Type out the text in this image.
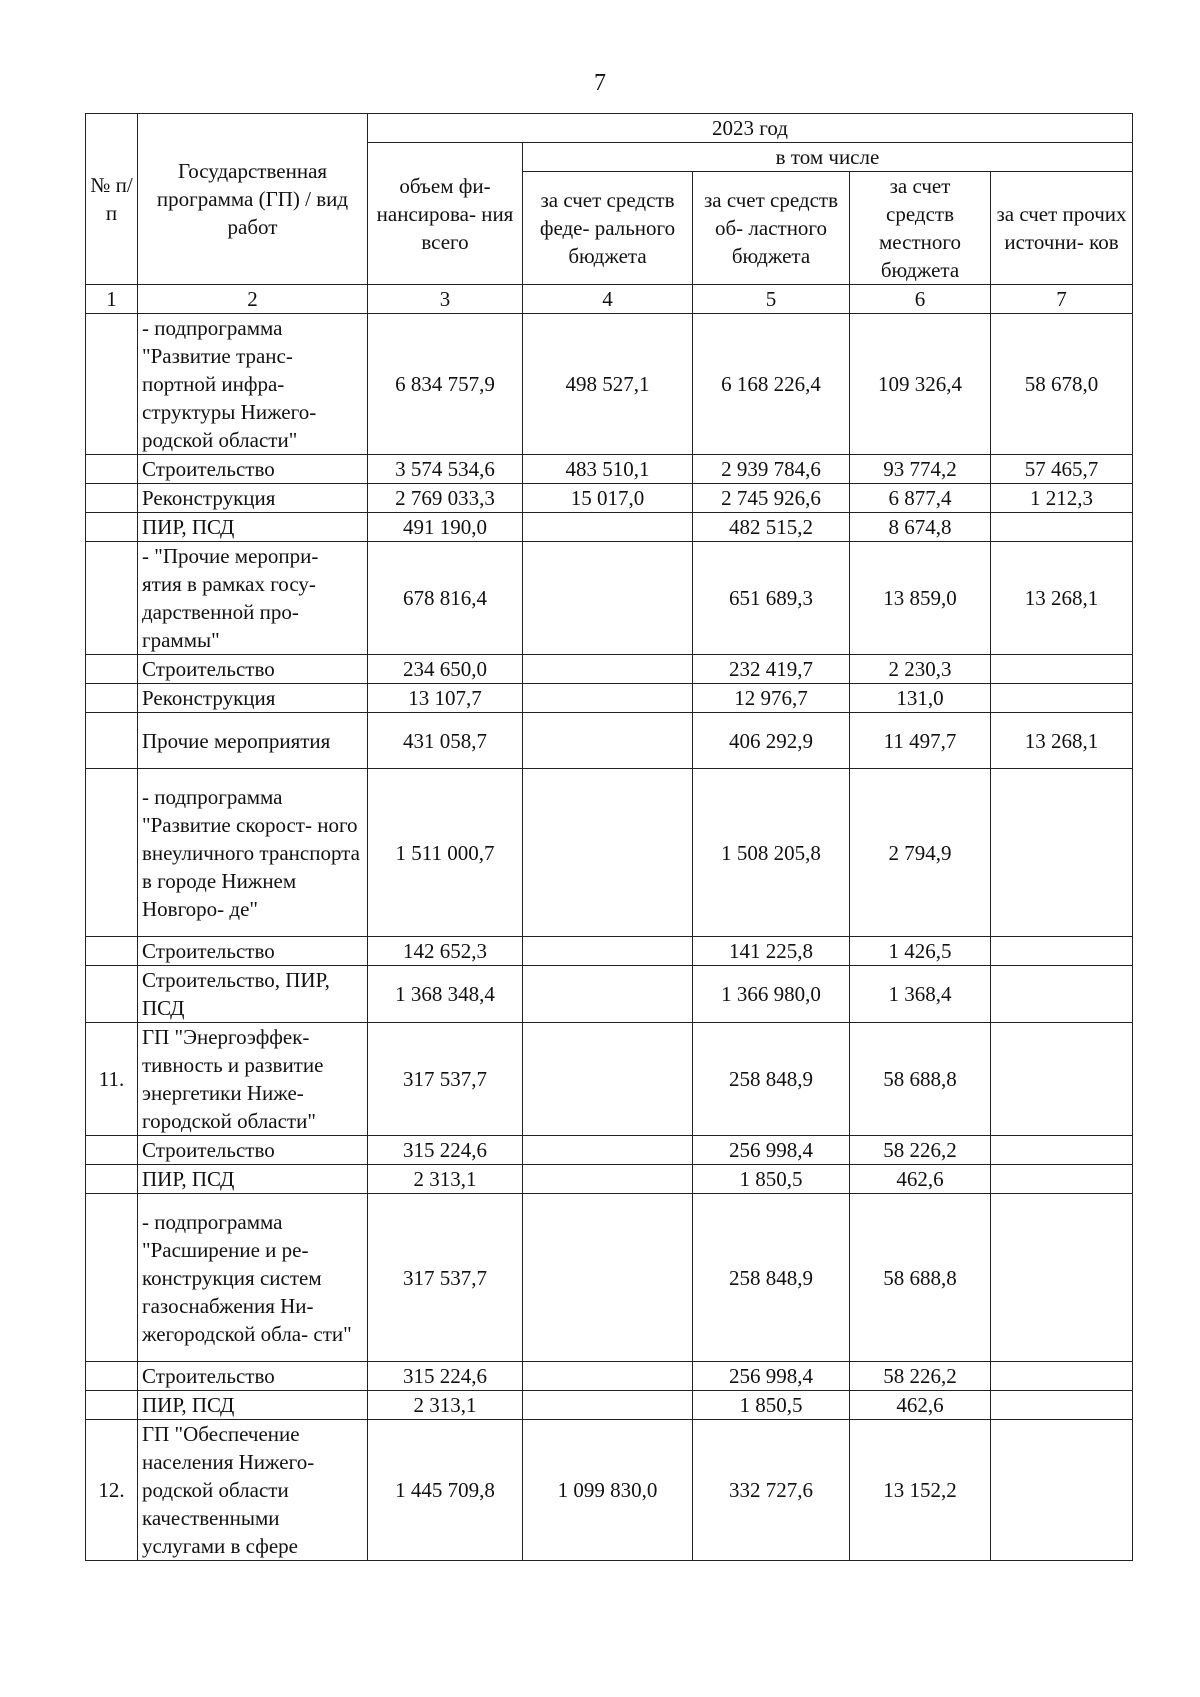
7
№ п/ п	Государственная программа (ГП) / вид работ	2023 год				
		объем фи- нансирова- ния всего	в том числе			
			за счет средств феде- рального бюджета	за счет средств об- ластного бюджета	за счет средств местного бюджета	за счет прочих источни- ков
1	2	3	4	5	6	7
	- подпрограмма "Развитие транс- портной инфра- структуры Нижего- родской области"	6 834 757,9	498 527,1	6 168 226,4	109 326,4	58 678,0
	Строительство	3 574 534,6	483 510,1	2 939 784,6	93 774,2	57 465,7
	Реконструкция	2 769 033,3	15 017,0	2 745 926,6	6 877,4	1 212,3
	ПИР, ПСД	491 190,0		482 515,2	8 674,8	
	- "Прочие меропри- ятия в рамках госу- дарственной про- граммы"	678 816,4		651 689,3	13 859,0	13 268,1
	Строительство	234 650,0		232 419,7	2 230,3	
	Реконструкция	13 107,7		12 976,7	131,0	
	Прочие мероприятия	431 058,7		406 292,9	11 497,7	13 268,1
	- подпрограмма "Развитие скорост- ного внеуличного транспорта в городе Нижнем Новгоро- де"	1 511 000,7		1 508 205,8	2 794,9	
	Строительство	142 652,3		141 225,8	1 426,5	
	Строительство, ПИР, ПСД	1 368 348,4		1 366 980,0	1 368,4	
11.	ГП "Энергоэффек- тивность и развитие энергетики Ниже- городской области"	317 537,7		258 848,9	58 688,8	
	Строительство	315 224,6		256 998,4	58 226,2	
	ПИР, ПСД	2 313,1		1 850,5	462,6	
	- подпрограмма "Расширение и ре- конструкция систем газоснабжения Ни- жегородской обла- сти"	317 537,7		258 848,9	58 688,8	
	Строительство	315 224,6		256 998,4	58 226,2	
	ПИР, ПСД	2 313,1		1 850,5	462,6	
12.	ГП "Обеспечение населения Нижего- родской области качественными услугами в сфере	1 445 709,8	1 099 830,0	332 727,6	13 152,2	
